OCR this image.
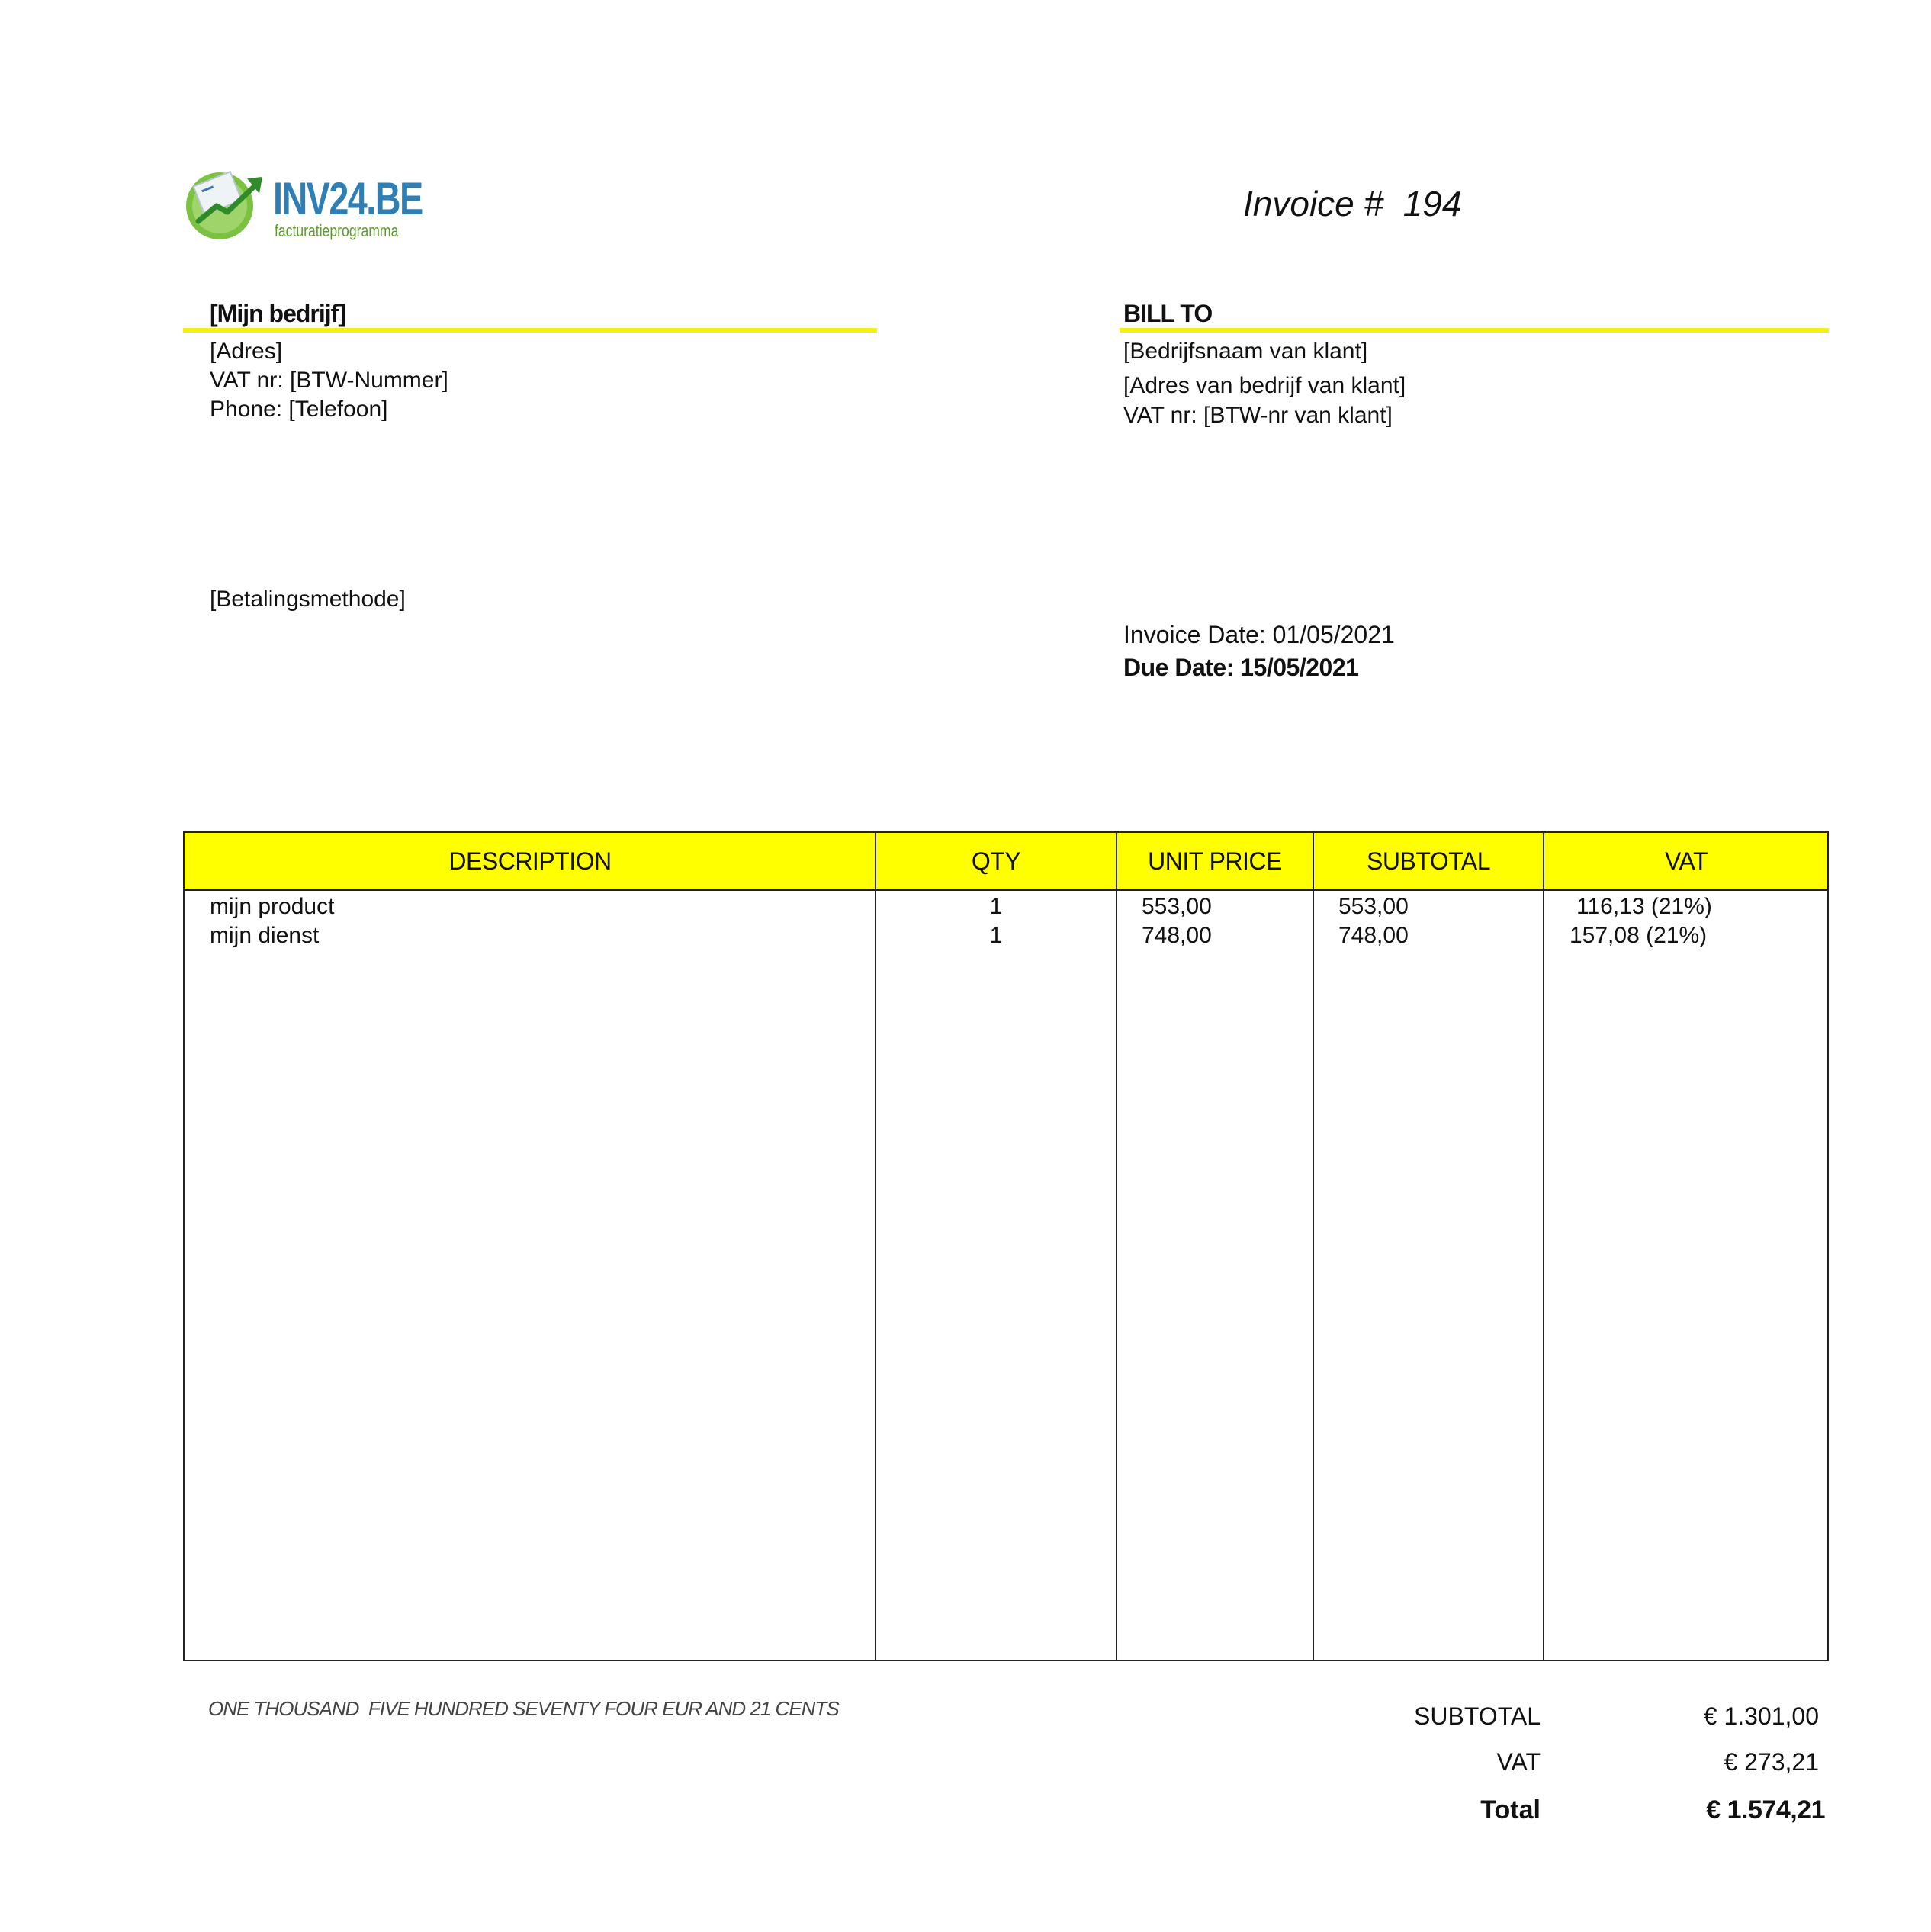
INV24.BE
facturatieprogramma
Invoice # 194
[Mijn bedrijf]
[Adres]
VAT nr: [BTW-Nummer]
Phone: [Telefoon]
[Betalingsmethode]
BILL TO
[Bedrijfsnaam van klant]
[Adres van bedrijf van klant]
VAT nr: [BTW-nr van klant]
Invoice Date: 01/05/2021
Due Date: 15/05/2021
DESCRIPTION	QTY	UNIT PRICE	SUBTOTAL	VAT
mijn product	1	553,00	553,00	116,13 (21%)
mijn dienst	1	748,00	748,00	157,08 (21%)
ONE THOUSAND  FIVE HUNDRED SEVENTY FOUR EUR AND 21 CENTS	SUBTOTAL	€ 1.301,00
VAT	€ 273,21
Total	€ 1.574,21
